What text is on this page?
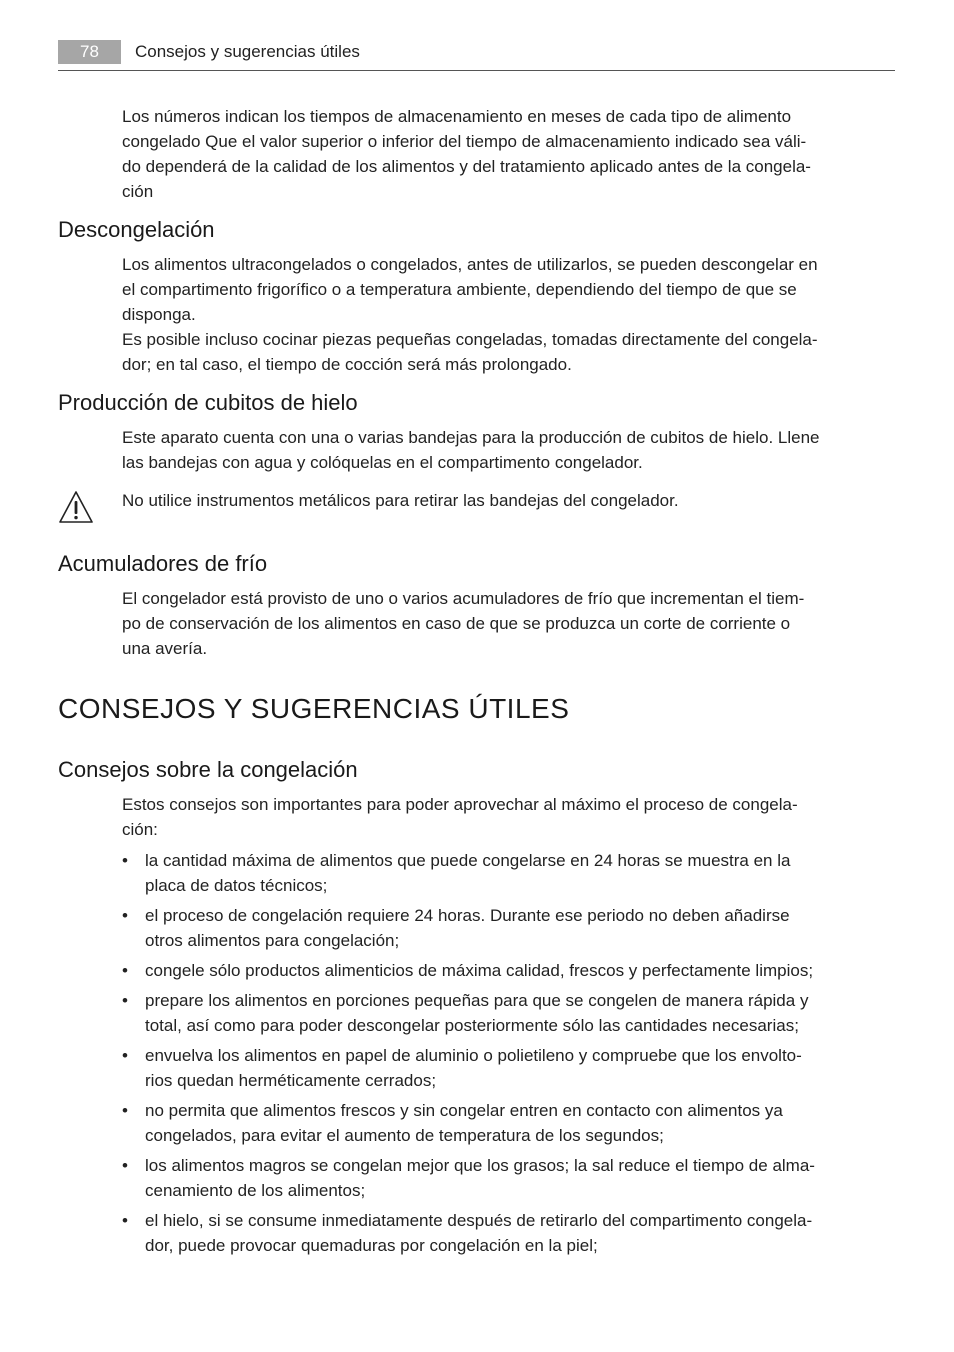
78	Consejos y sugerencias útiles

Los números indican los tiempos de almacenamiento en meses de cada tipo de alimento
congelado Que el valor superior o inferior del tiempo de almacenamiento indicado sea váli-
do dependerá de la calidad de los alimentos y del tratamiento aplicado antes de la congela-
ción

Descongelación

Los alimentos ultracongelados o congelados, antes de utilizarlos, se pueden descongelar en
el compartimento frigorífico o a temperatura ambiente, dependiendo del tiempo de que se
disponga.
Es posible incluso cocinar piezas pequeñas congeladas, tomadas directamente del congela-
dor; en tal caso, el tiempo de cocción será más prolongado.

Producción de cubitos de hielo

Este aparato cuenta con una o varias bandejas para la producción de cubitos de hielo. Llene
las bandejas con agua y colóquelas en el compartimento congelador.

No utilice instrumentos metálicos para retirar las bandejas del congelador.

Acumuladores de frío

El congelador está provisto de uno o varios acumuladores de frío que incrementan el tiem-
po de conservación de los alimentos en caso de que se produzca un corte de corriente o
una avería.

CONSEJOS Y SUGERENCIAS ÚTILES
Consejos sobre la congelación

Estos consejos son importantes para poder aprovechar al máximo el proceso de congela-
ción:

• la cantidad máxima de alimentos que puede congelarse en 24 horas se muestra en la
placa de datos técnicos;
• el proceso de congelación requiere 24 horas. Durante ese periodo no deben añadirse
otros alimentos para congelación;
• congele sólo productos alimenticios de máxima calidad, frescos y perfectamente limpios;
• prepare los alimentos en porciones pequeñas para que se congelen de manera rápida y
total, así como para poder descongelar posteriormente sólo las cantidades necesarias;
• envuelva los alimentos en papel de aluminio o polietileno y compruebe que los envolto-
rios quedan herméticamente cerrados;
• no permita que alimentos frescos y sin congelar entren en contacto con alimentos ya
congelados, para evitar el aumento de temperatura de los segundos;
• los alimentos magros se congelan mejor que los grasos; la sal reduce el tiempo de alma-
cenamiento de los alimentos;
• el hielo, si se consume inmediatamente después de retirarlo del compartimento congela-
dor, puede provocar quemaduras por congelación en la piel;
